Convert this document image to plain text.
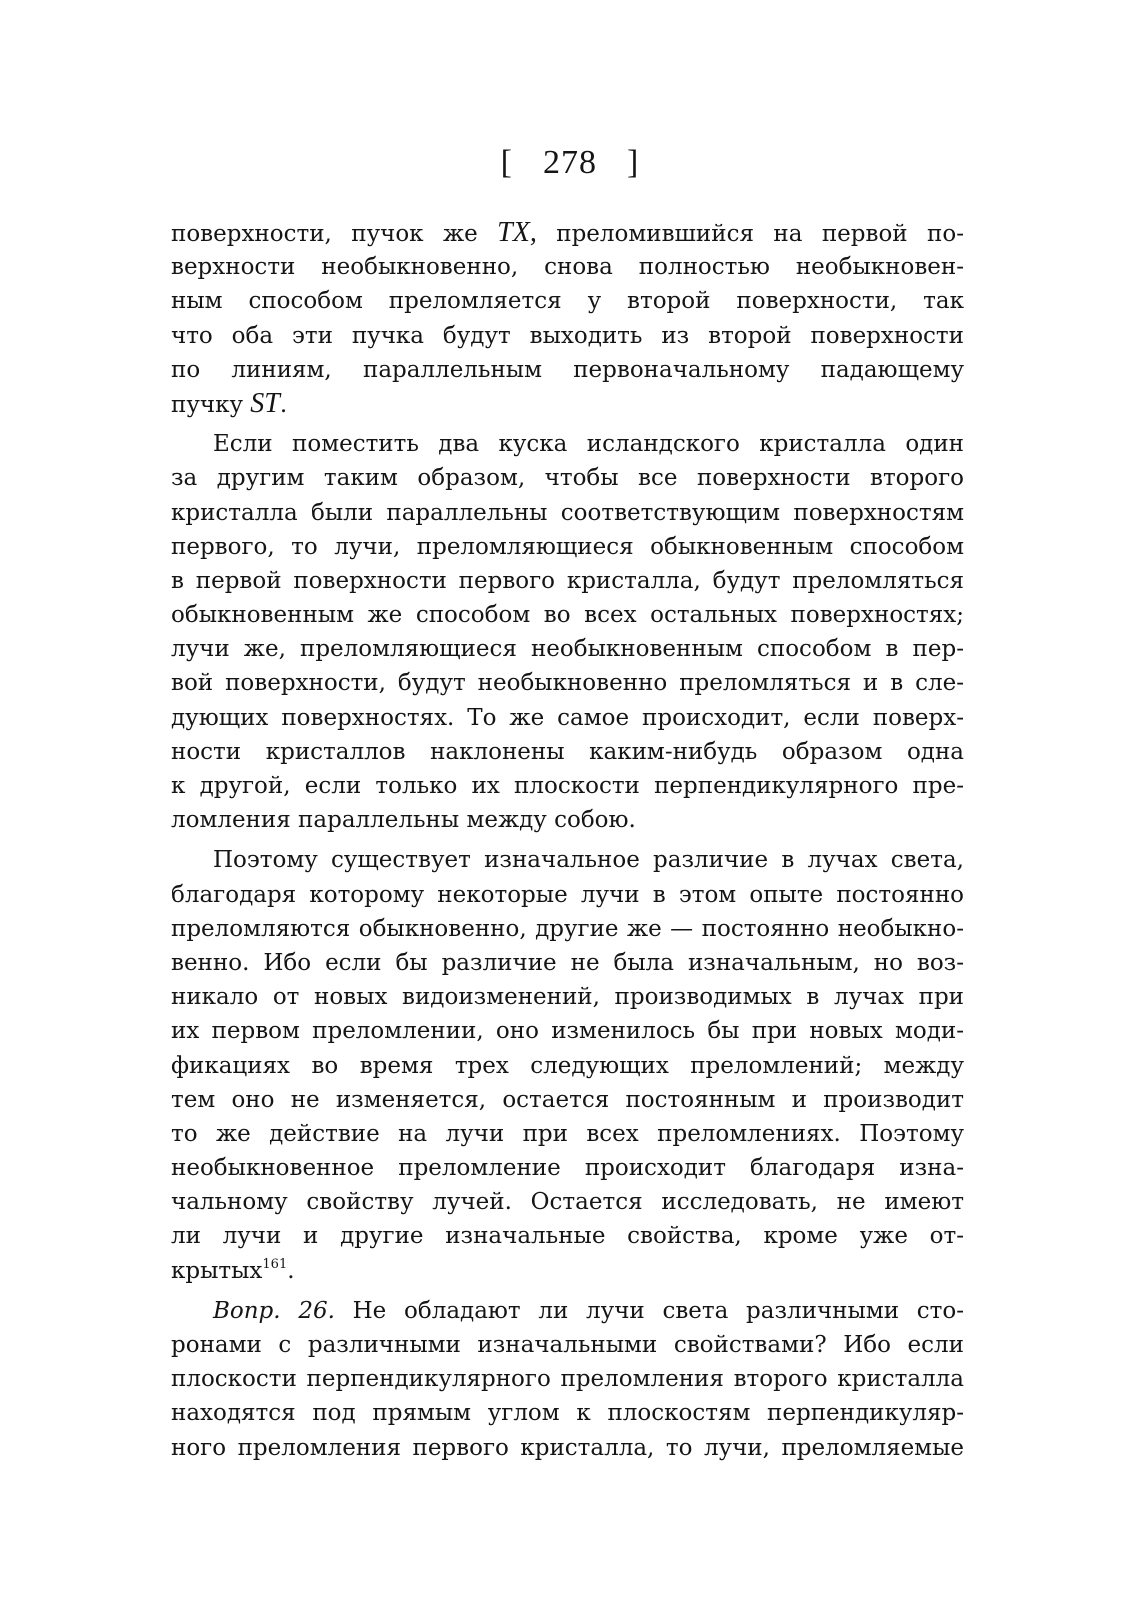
[ 278 ]
поверхности, пучок же TX, преломившийся на первой по-
верхности необыкновенно, снова полностью необыкновен-
ным способом преломляется у второй поверхности, так
что оба эти пучка будут выходить из второй поверхности
по линиям, параллельным первоначальному падающему
пучку ST.
Если поместить два куска исландского кристалла один
за другим таким образом, чтобы все поверхности второго
кристалла были параллельны соответствующим поверхностям
первого, то лучи, преломляющиеся обыкновенным способом
в первой поверхности первого кристалла, будут преломляться
обыкновенным же способом во всех остальных поверхностях;
лучи же, преломляющиеся необыкновенным способом в пер-
вой поверхности, будут необыкновенно преломляться и в сле-
дующих поверхностях. То же самое происходит, если поверх-
ности кристаллов наклонены каким-нибудь образом одна
к другой, если только их плоскости перпендикулярного пре-
ломления параллельны между собою.
Поэтому существует изначальное различие в лучах света,
благодаря которому некоторые лучи в этом опыте постоянно
преломляются обыкновенно, другие же — постоянно необыкно-
венно. Ибо если бы различие не была изначальным, но воз-
никало от новых видоизменений, производимых в лучах при
их первом преломлении, оно изменилось бы при новых моди-
фикациях во время трех следующих преломлений; между
тем оно не изменяется, остается постоянным и производит
то же действие на лучи при всех преломлениях. Поэтому
необыкновенное преломление происходит благодаря изна-
чальному свойству лучей. Остается исследовать, не имеют
ли лучи и другие изначальные свойства, кроме уже от-
крытых$^{161}$.
Вопр. 26. Не обладают ли лучи света различными сто-
ронами с различными изначальными свойствами? Ибо если
плоскости перпендикулярного преломления второго кристалла
находятся под прямым углом к плоскостям перпендикуляр-
ного преломления первого кристалла, то лучи, преломляемые
